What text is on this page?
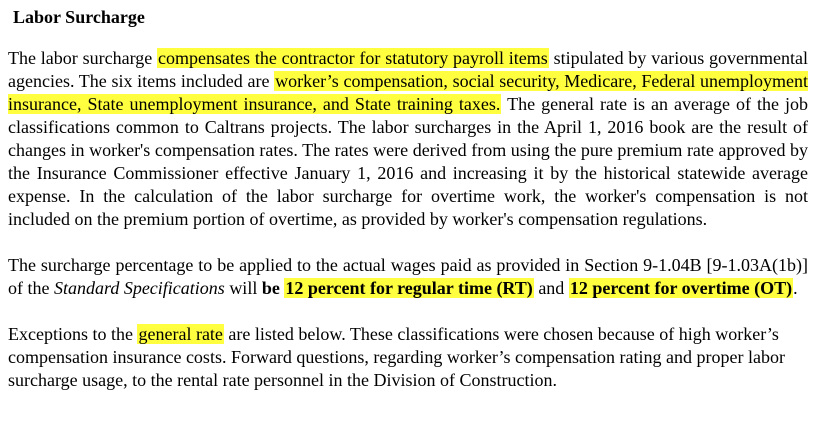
Labor Surcharge

The labor surcharge compensates the contractor for statutory payroll items stipulated by various governmental agencies. The six items included are worker’s compensation, social security, Medicare, Federal unemployment insurance, State unemployment insurance, and State training taxes. The general rate is an average of the job classifications common to Caltrans projects. The labor surcharges in the April 1, 2016 book are the result of changes in worker's compensation rates. The rates were derived from using the pure premium rate approved by the Insurance Commissioner effective January 1, 2016 and increasing it by the historical statewide average expense. In the calculation of the labor surcharge for overtime work, the worker's compensation is not included on the premium portion of overtime, as provided by worker's compensation regulations.

The surcharge percentage to be applied to the actual wages paid as provided in Section 9-1.04B [9-1.03A(1b)] of the Standard Specifications will be 12 percent for regular time (RT) and 12 percent for overtime (OT).

Exceptions to the general rate are listed below. These classifications were chosen because of high worker’s compensation insurance costs. Forward questions, regarding worker’s compensation rating and proper labor surcharge usage, to the rental rate personnel in the Division of Construction.
